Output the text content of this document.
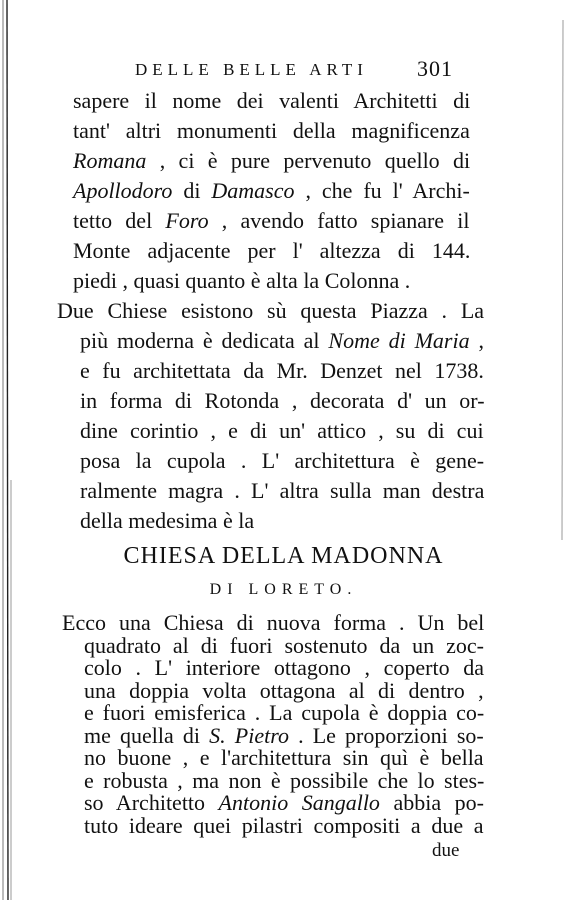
DELLE BELLE ARTI 301
sapere il nome dei valenti Architetti di
tant' altri monumenti della magnificenza
Romana , ci è pure pervenuto quello di
Apollodoro di Damasco , che fu l' Archi-
tetto del Foro , avendo fatto spianare il
Monte adjacente per l' altezza di 144.
piedi , quasi quanto è alta la Colonna .
Due Chiese esistono sù questa Piazza . La
più moderna è dedicata al Nome di Maria ,
e fu architettata da Mr. Denzet nel 1738.
in forma di Rotonda , decorata d' un or-
dine corintio , e di un' attico , su di cui
posa la cupola . L' architettura è gene-
ralmente magra . L' altra sulla man destra
della medesima è la
CHIESA DELLA MADONNA
DI LORETO.
Ecco una Chiesa di nuova forma . Un bel
quadrato al di fuori sostenuto da un zoc-
colo . L' interiore ottagono , coperto da
una doppia volta ottagona al di dentro ,
e fuori emisferica . La cupola è doppia co-
me quella di S. Pietro . Le proporzioni so-
no buone , e l'architettura sin quì è bella
e robusta , ma non è possibile che lo stes-
so Architetto Antonio Sangallo abbia po-
tuto ideare quei pilastri compositi a due a
due
